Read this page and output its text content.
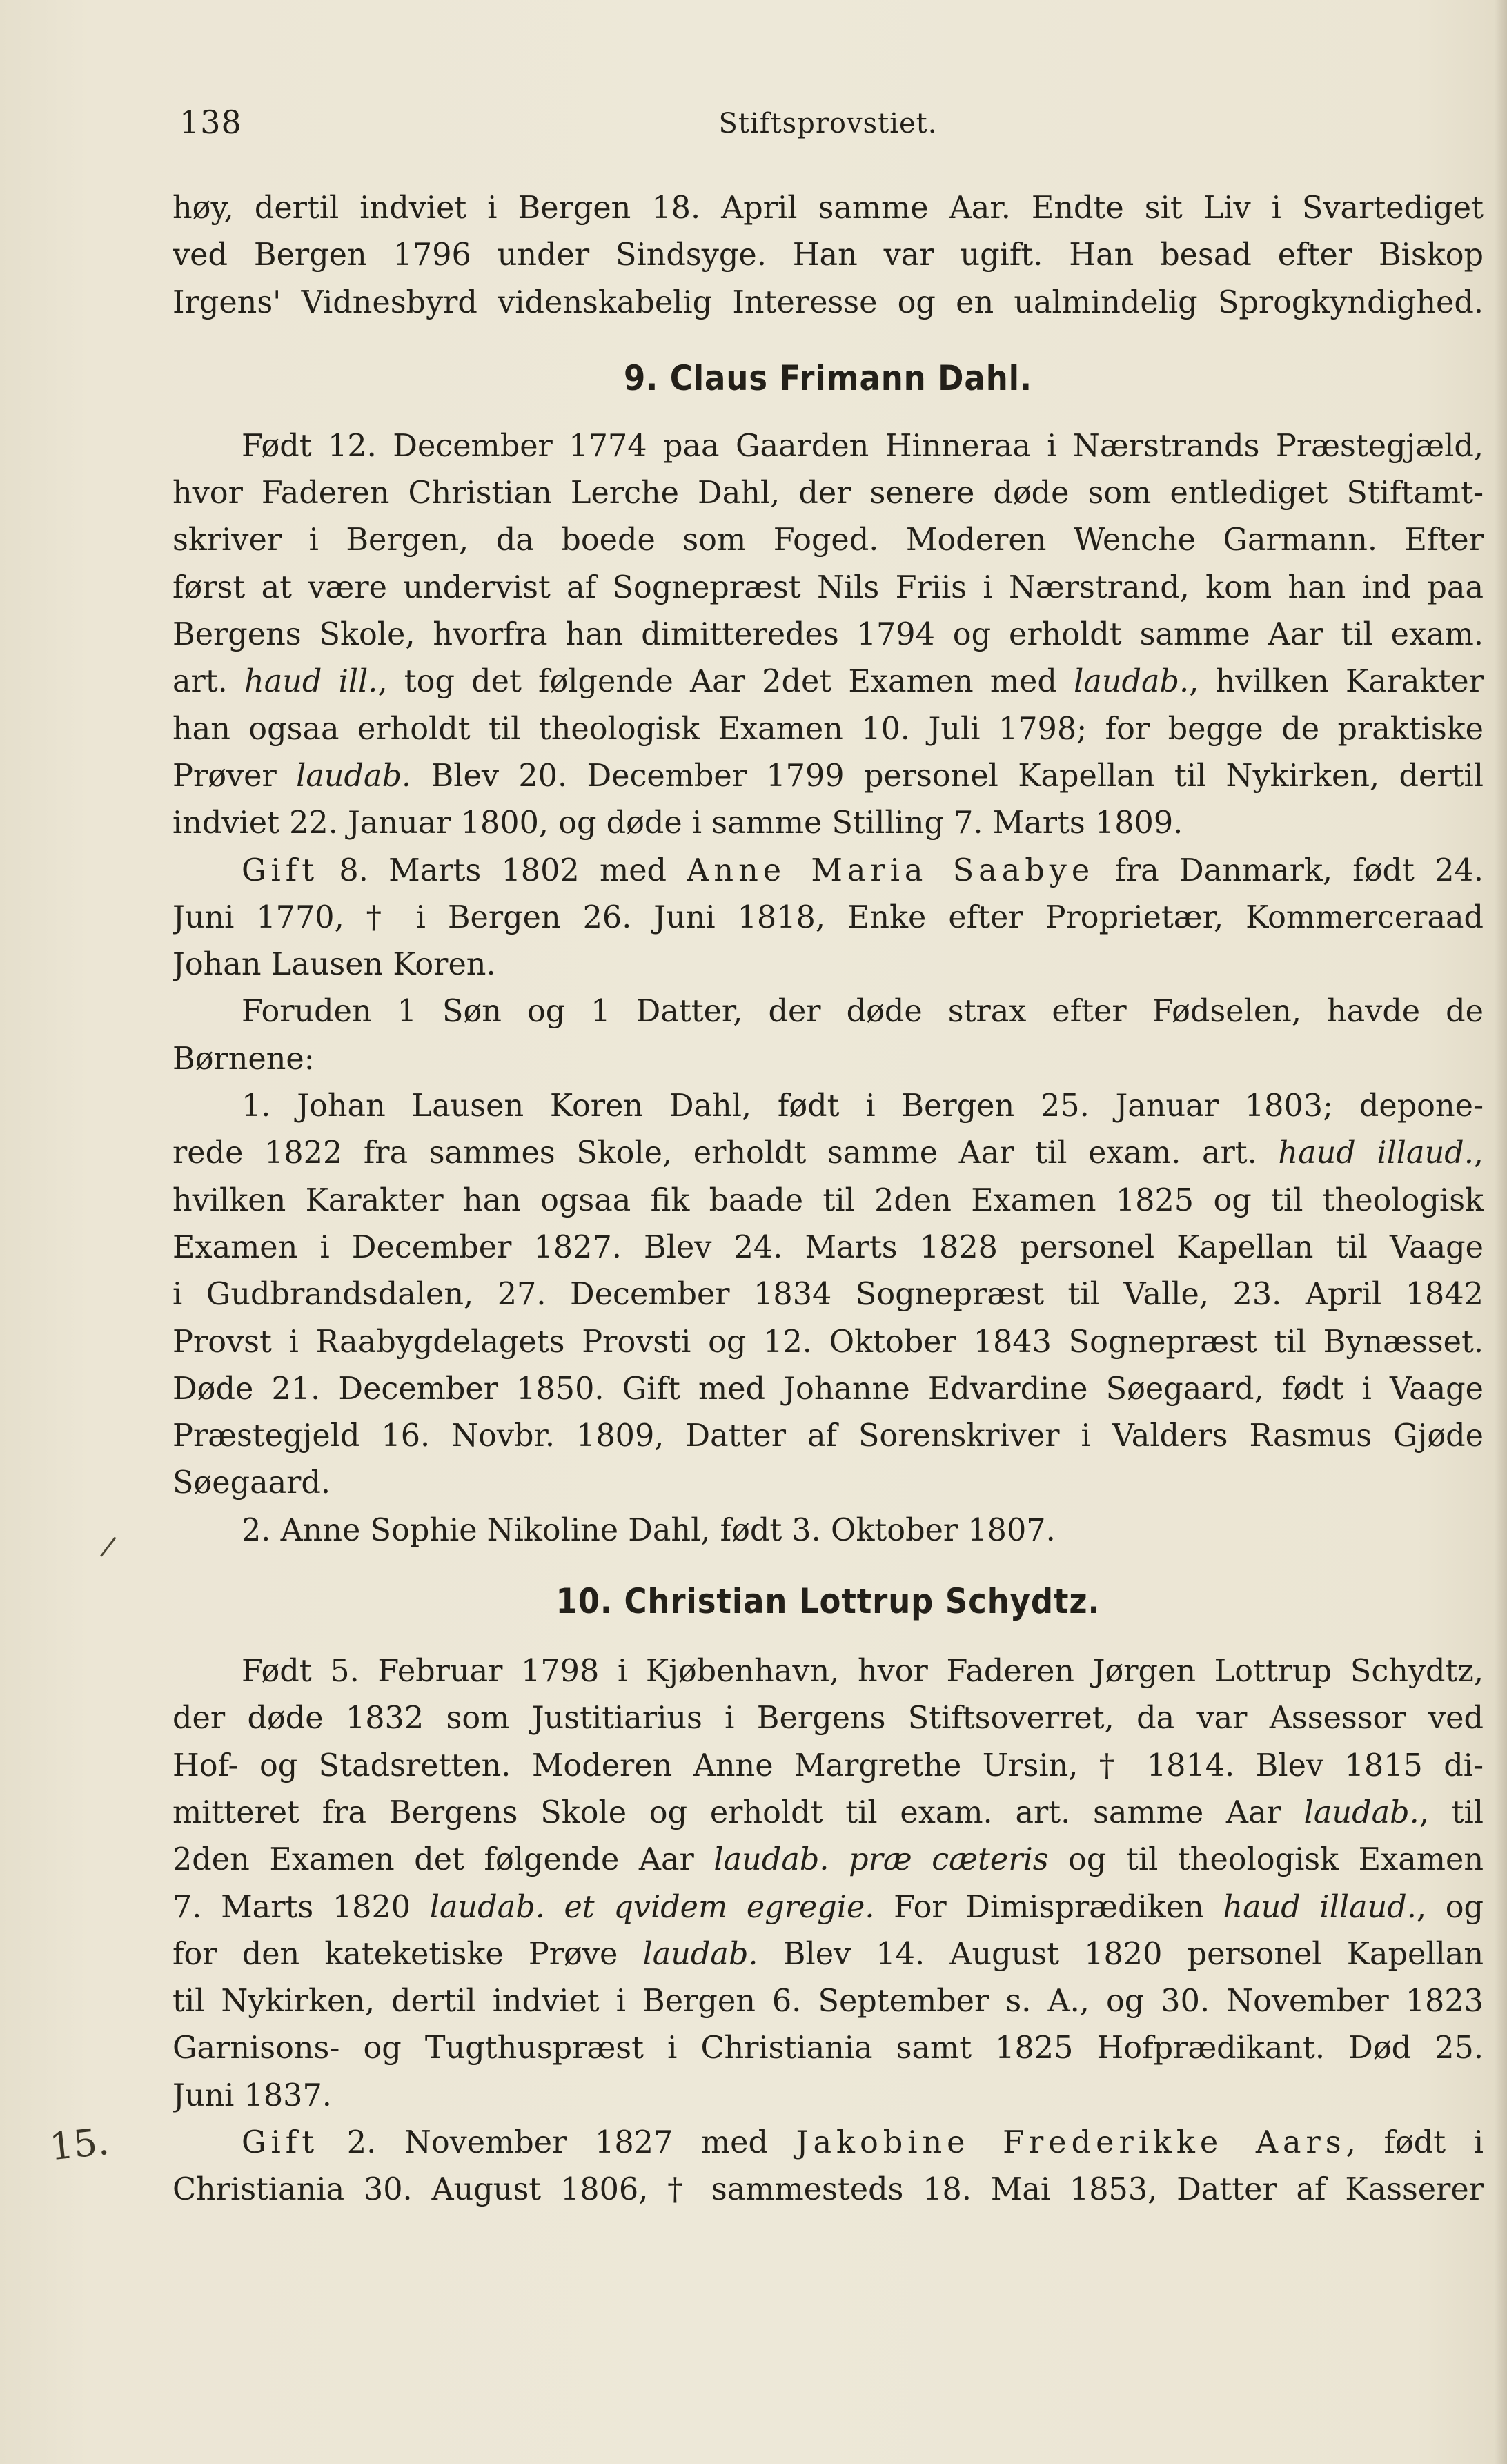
138	Stiftsprovstiet.
/
15.
høy, dertil indviet i Bergen 18. April samme Aar. Endte sit Liv i Svartediget
ved Bergen 1796 under Sindsyge. Han var ugift. Han besad efter Biskop
Irgens' Vidnesbyrd videnskabelig Interesse og en ualmindelig Sprogkyndighed.
9. Claus Frimann Dahl.
Født 12. December 1774 paa Gaarden Hinneraa i Nærstrands Præstegjæld,
hvor Faderen Christian Lerche Dahl, der senere døde som entlediget Stiftamt-
skriver i Bergen, da boede som Foged. Moderen Wenche Garmann. Efter
først at være undervist af Sognepræst Nils Friis i Nærstrand, kom han ind paa
Bergens Skole, hvorfra han dimitteredes 1794 og erholdt samme Aar til exam.
art. haud ill., tog det følgende Aar 2det Examen med laudab., hvilken Karakter
han ogsaa erholdt til theologisk Examen 10. Juli 1798; for begge de praktiske
Prøver laudab. Blev 20. December 1799 personel Kapellan til Nykirken, dertil
indviet 22. Januar 1800, og døde i samme Stilling 7. Marts 1809.
Gift 8. Marts 1802 med Anne Maria Saabye fra Danmark, født 24.
Juni 1770, † i Bergen 26. Juni 1818, Enke efter Proprietær, Kommerceraad
Johan Lausen Koren.
Foruden 1 Søn og 1 Datter, der døde strax efter Fødselen, havde de
Børnene:
1. Johan Lausen Koren Dahl, født i Bergen 25. Januar 1803; depone-
rede 1822 fra sammes Skole, erholdt samme Aar til exam. art. haud illaud.,
hvilken Karakter han ogsaa fik baade til 2den Examen 1825 og til theologisk
Examen i December 1827. Blev 24. Marts 1828 personel Kapellan til Vaage
i Gudbrandsdalen, 27. December 1834 Sognepræst til Valle, 23. April 1842
Provst i Raabygdelagets Provsti og 12. Oktober 1843 Sognepræst til Bynæsset.
Døde 21. December 1850. Gift med Johanne Edvardine Søegaard, født i Vaage
Præstegjeld 16. Novbr. 1809, Datter af Sorenskriver i Valders Rasmus Gjøde
Søegaard.
2. Anne Sophie Nikoline Dahl, født 3. Oktober 1807.
10. Christian Lottrup Schydtz.
Født 5. Februar 1798 i Kjøbenhavn, hvor Faderen Jørgen Lottrup Schydtz,
der døde 1832 som Justitiarius i Bergens Stiftsoverret, da var Assessor ved
Hof- og Stadsretten. Moderen Anne Margrethe Ursin, † 1814. Blev 1815 di-
mitteret fra Bergens Skole og erholdt til exam. art. samme Aar laudab., til
2den Examen det følgende Aar laudab. præ cæteris og til theologisk Examen
7. Marts 1820 laudab. et qvidem egregie. For Dimisprædiken haud illaud., og
for den kateketiske Prøve laudab. Blev 14. August 1820 personel Kapellan
til Nykirken, dertil indviet i Bergen 6. September s. A., og 30. November 1823
Garnisons- og Tugthuspræst i Christiania samt 1825 Hofprædikant. Død 25.
Juni 1837.
Gift 2. November 1827 med Jakobine Frederikke Aars, født i
Christiania 30. August 1806, † sammesteds 18. Mai 1853, Datter af Kasserer
